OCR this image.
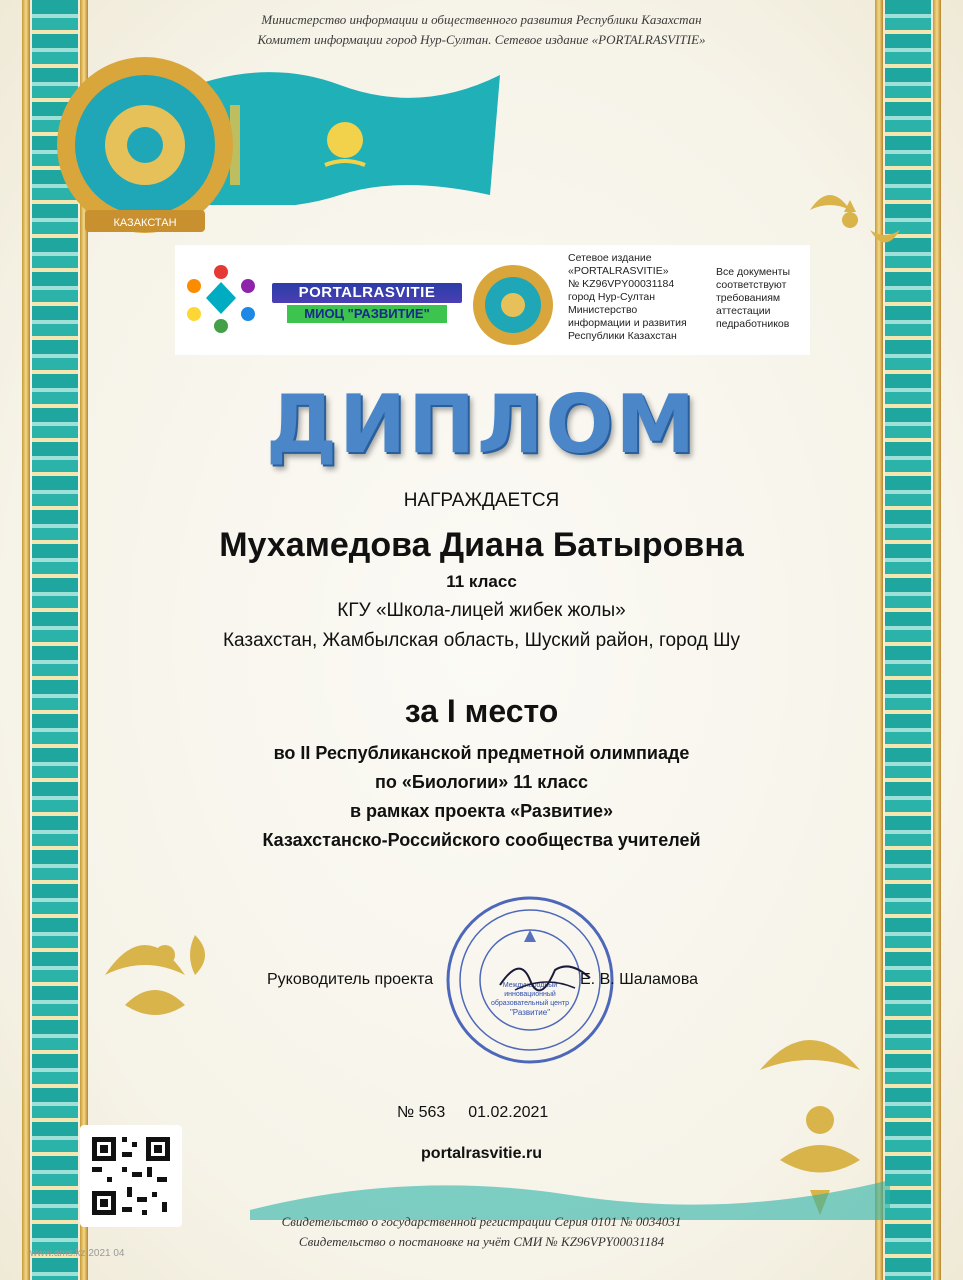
Министерство информации и общественного развития Республики Казахстан
Комитет информации город Нур-Султан. Сетевое издание «PORTALRASVITIE»
КАЗАКСТАН
PORTALRASVITIE
МИОЦ "РАЗВИТИЕ"
Сетевое издание
«PORTALRASVITIE»
№ KZ96VPY00031184
город Нур-Султан
Министерство
информации и развития
Республики Казахстан
Все документы
соответствуют
требованиям
аттестации
педработников
ДИПЛОМ
НАГРАЖДАЕТСЯ
Мухамедова Диана Батыровна
11 класс
КГУ «Школа-лицей жибек жолы»
Казахстан, Жамбылская область, Шуский район, город Шу
за I место
во II Республиканской предметной олимпиаде
по «Биологии» 11 класс
в рамках проекта «Развитие»
Казахстанско-Российского сообщества учителей
Международный
инновационный
образовательный центр
"Развитие"
Руководитель проекта	Е. В. Шаламова
№ 563 01.02.2021
portalrasvitie.ru
Свидетельство о государственной регистрации Серия 0101 № 0034031
Свидетельство о постановке на учёт СМИ № KZ96VPY00031184
www.ams.kz 2021 04
